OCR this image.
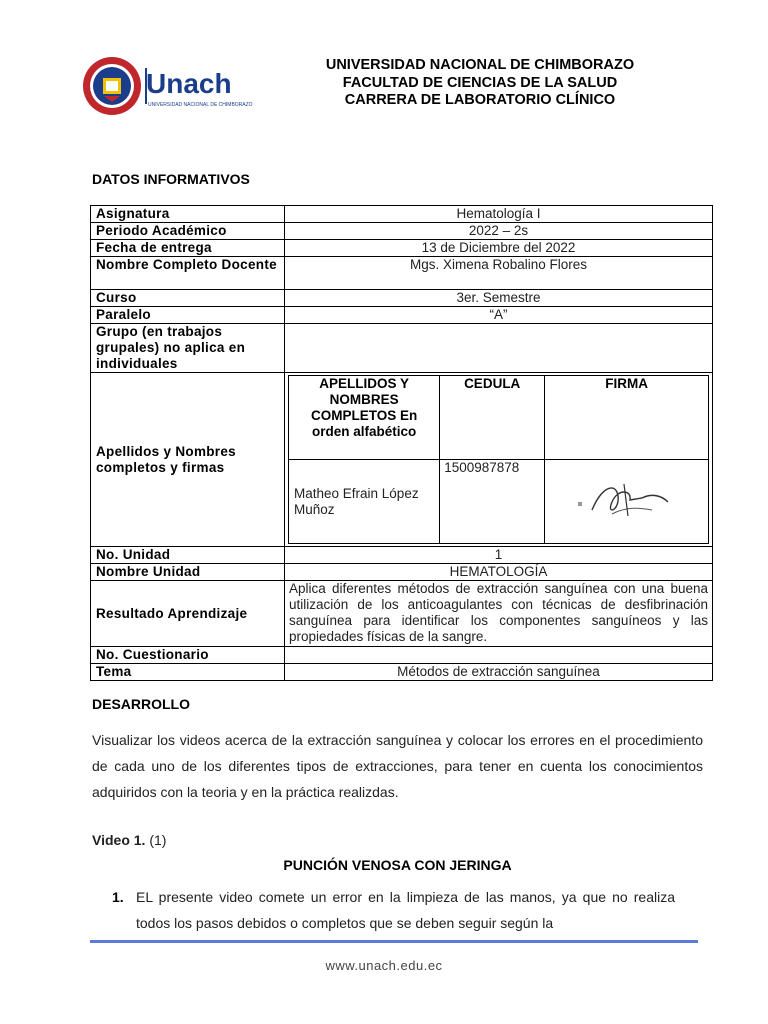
Unach
UNIVERSIDAD NACIONAL DE CHIMBORAZO
UNIVERSIDAD NACIONAL DE CHIMBORAZO
FACULTAD DE CIENCIAS DE LA SALUD
CARRERA DE LABORATORIO CLÍNICO
DATOS INFORMATIVOS
Asignatura	Hematología I
Periodo Académico	2022 – 2s
Fecha de entrega	13 de Diciembre del 2022
Nombre Completo Docente	Mgs. Ximena Robalino Flores
Curso	3er. Semestre
Paralelo	“A”
Grupo (en trabajos grupales) no aplica en individuales	
Apellidos y Nombres completos y firmas	
APELLIDOS Y NOMBRES COMPLETOS En orden alfabético	CEDULA	FIRMA
Matheo Efrain López Muñoz	1500987878	

No. Unidad	1
Nombre Unidad	HEMATOLOGÍA
Resultado Aprendizaje	Aplica diferentes métodos de extracción sanguínea con una buena utilización de los anticoagulantes con técnicas de desfibrinación sanguínea para identificar los componentes sanguíneos y las propiedades físicas de la sangre.
No. Cuestionario	
Tema	Métodos de extracción sanguínea
DESARROLLO
Visualizar los videos acerca de la extracción sanguínea y colocar los errores en el procedimiento de cada uno de los diferentes tipos de extracciones, para tener en cuenta los conocimientos adquiridos con la teoria y en la práctica realizdas.
Video 1. (1)
PUNCIÓN VENOSA CON JERINGA
1. EL presente video comete un error en la limpieza de las manos, ya que no realiza todos los pasos debidos o completos que se deben seguir según la
www.unach.edu.ec
